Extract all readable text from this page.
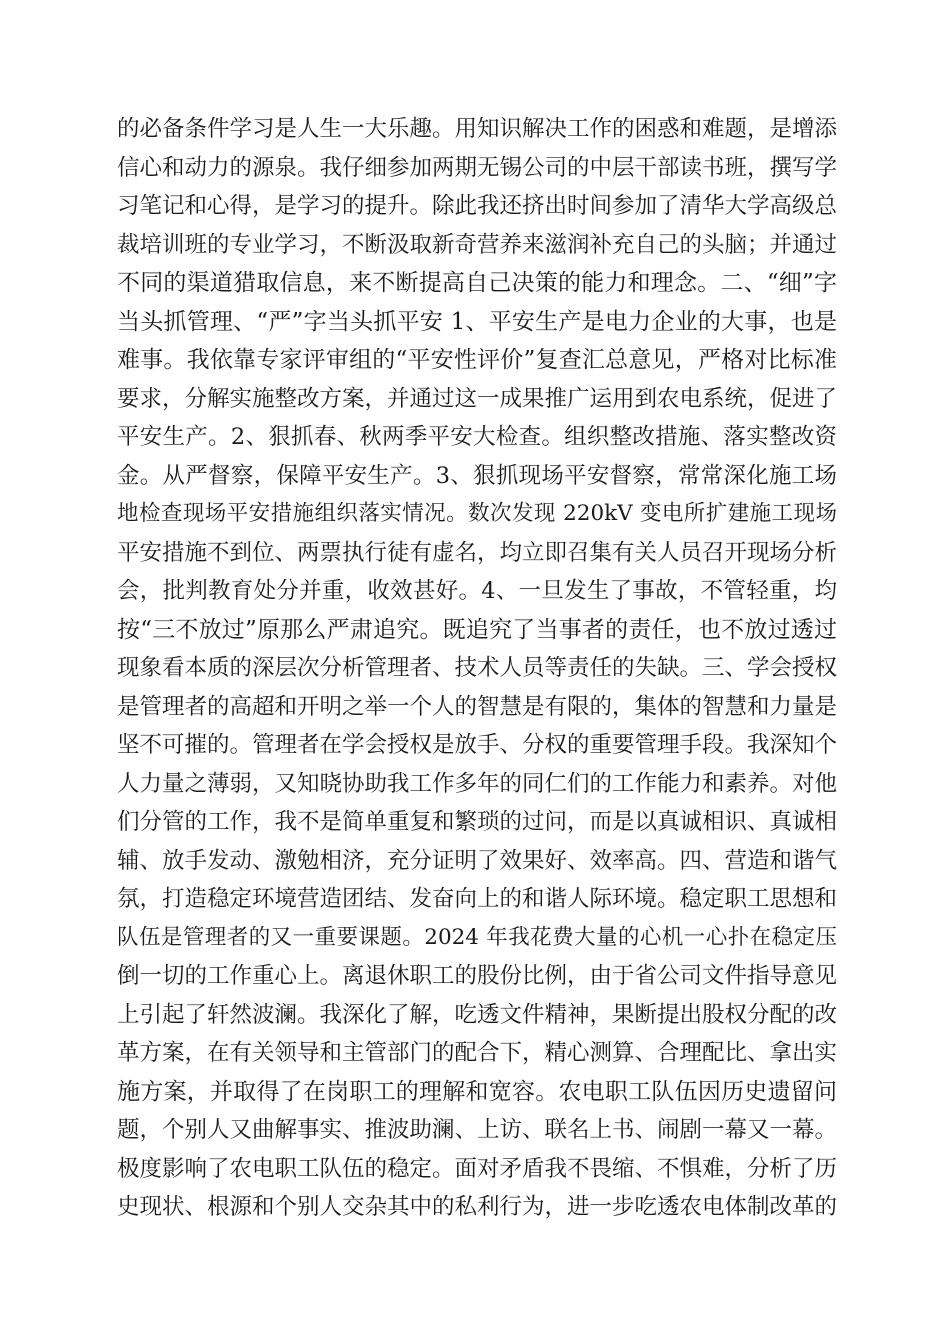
的必备条件学习是人生一大乐趣。用知识解决工作的困惑和难题，是增添
信心和动力的源泉。我仔细参加两期无锡公司的中层干部读书班，撰写学
习笔记和心得，是学习的提升。除此我还挤出时间参加了清华大学高级总
裁培训班的专业学习，不断汲取新奇营养来滋润补充自己的头脑；并通过
不同的渠道猎取信息，来不断提高自己决策的能力和理念。二、“细”字
当头抓管理、“严”字当头抓平安 1、平安生产是电力企业的大事，也是
难事。我依靠专家评审组的“平安性评价”复查汇总意见，严格对比标准
要求，分解实施整改方案，并通过这一成果推广运用到农电系统，促进了
平安生产。2、狠抓春、秋两季平安大检查。组织整改措施、落实整改资
金。从严督察，保障平安生产。3、狠抓现场平安督察，常常深化施工场
地检查现场平安措施组织落实情况。数次发现 220kV 变电所扩建施工现场
平安措施不到位、两票执行徒有虚名，均立即召集有关人员召开现场分析
会，批判教育处分并重，收效甚好。4、一旦发生了事故，不管轻重，均
按“三不放过”原那么严肃追究。既追究了当事者的责任，也不放过透过
现象看本质的深层次分析管理者、技术人员等责任的失缺。三、学会授权
是管理者的高超和开明之举一个人的智慧是有限的，集体的智慧和力量是
坚不可摧的。管理者在学会授权是放手、分权的重要管理手段。我深知个
人力量之薄弱，又知晓协助我工作多年的同仁们的工作能力和素养。对他
们分管的工作，我不是简单重复和繁琐的过问，而是以真诚相识、真诚相
辅、放手发动、激勉相济，充分证明了效果好、效率高。四、营造和谐气
氛，打造稳定环境营造团结、发奋向上的和谐人际环境。稳定职工思想和
队伍是管理者的又一重要课题。2024 年我花费大量的心机一心扑在稳定压
倒一切的工作重心上。离退休职工的股份比例，由于省公司文件指导意见
上引起了轩然波澜。我深化了解，吃透文件精神，果断提出股权分配的改
革方案，在有关领导和主管部门的配合下，精心测算、合理配比、拿出实
施方案，并取得了在岗职工的理解和宽容。农电职工队伍因历史遗留问
题，个别人又曲解事实、推波助澜、上访、联名上书、闹剧一幕又一幕。
极度影响了农电职工队伍的稳定。面对矛盾我不畏缩、不惧难，分析了历
史现状、根源和个别人交杂其中的私利行为，进一步吃透农电体制改革的
